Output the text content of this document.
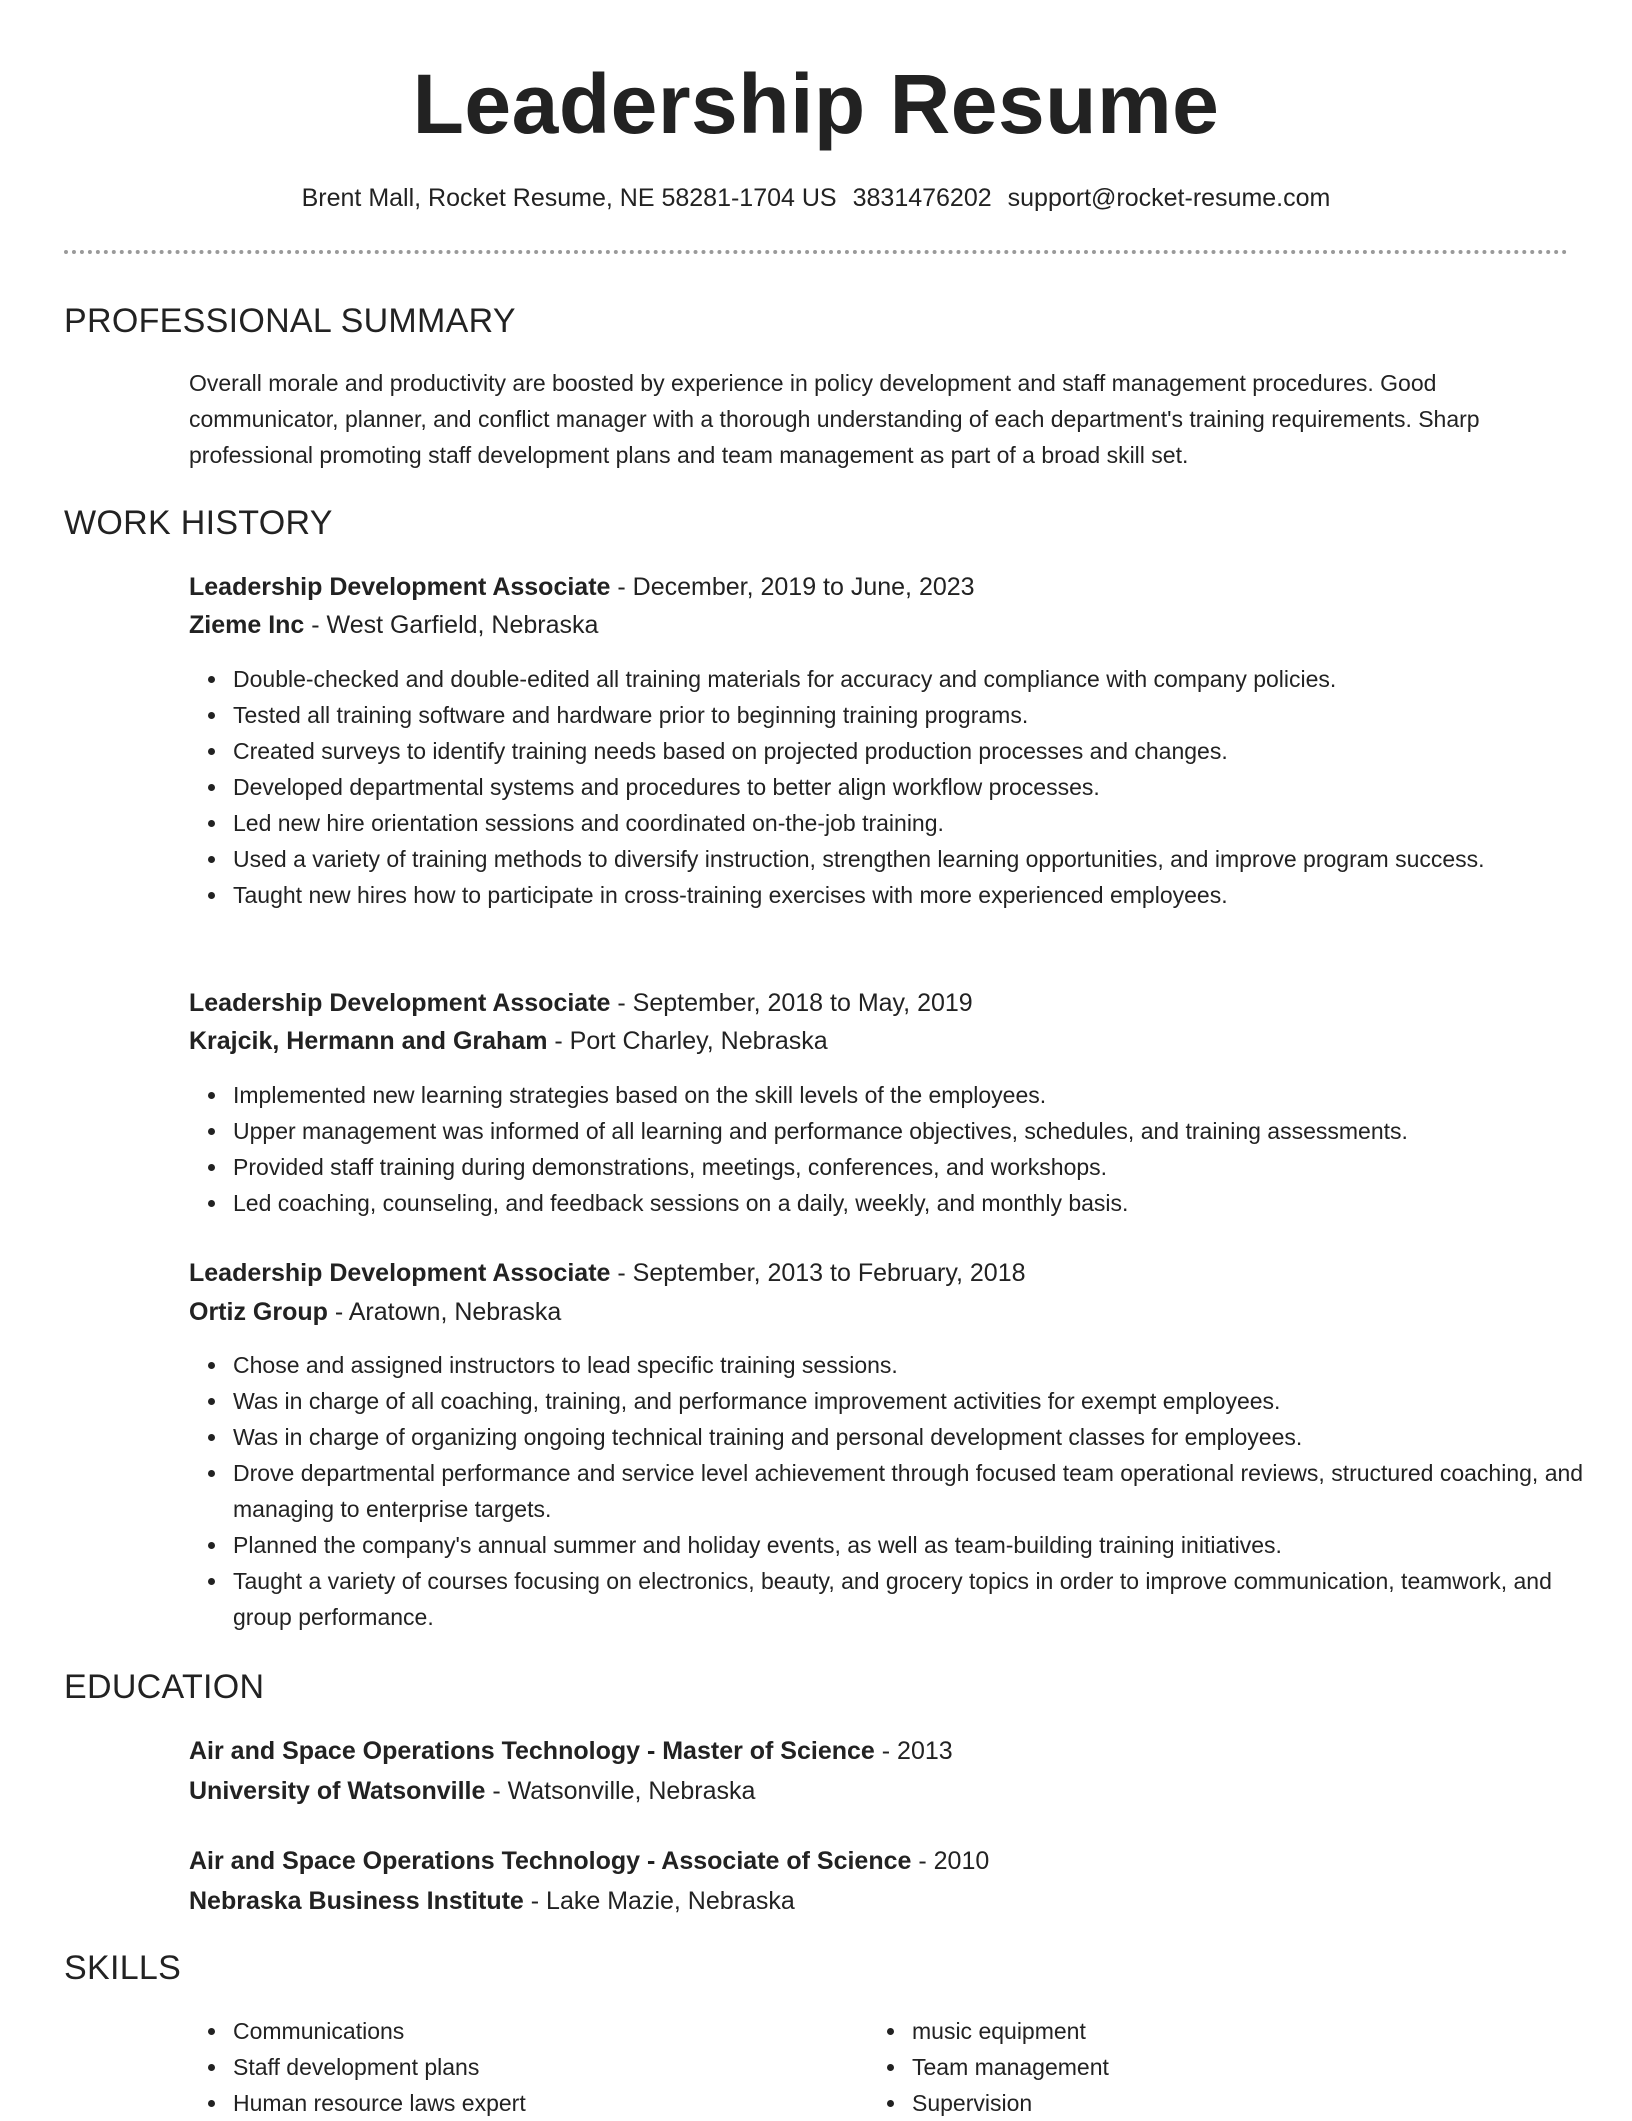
Leadership Resume
Brent Mall, Rocket Resume, NE 58281-1704 US 3831476202 support@rocket-resume.com
PROFESSIONAL SUMMARY

Overall morale and productivity are boosted by experience in policy development and staff management procedures. Good communicator, planner, and conflict manager with a thorough understanding of each department's training requirements. Sharp professional promoting staff development plans and team management as part of a broad skill set.

WORK HISTORY
Leadership Development Associate - December, 2019 to June, 2023
Zieme Inc - West Garfield, Nebraska
Double-checked and double-edited all training materials for accuracy and compliance with company policies.
Tested all training software and hardware prior to beginning training programs.
Created surveys to identify training needs based on projected production processes and changes.
Developed departmental systems and procedures to better align workflow processes.
Led new hire orientation sessions and coordinated on-the-job training.
Used a variety of training methods to diversify instruction, strengthen learning opportunities, and improve program success.
Taught new hires how to participate in cross-training exercises with more experienced employees.
Leadership Development Associate - September, 2018 to May, 2019
Krajcik, Hermann and Graham - Port Charley, Nebraska
Implemented new learning strategies based on the skill levels of the employees.
Upper management was informed of all learning and performance objectives, schedules, and training assessments.
Provided staff training during demonstrations, meetings, conferences, and workshops.
Led coaching, counseling, and feedback sessions on a daily, weekly, and monthly basis.
Leadership Development Associate - September, 2013 to February, 2018
Ortiz Group - Aratown, Nebraska
Chose and assigned instructors to lead specific training sessions.
Was in charge of all coaching, training, and performance improvement activities for exempt employees.
Was in charge of organizing ongoing technical training and personal development classes for employees.
Drove departmental performance and service level achievement through focused team operational reviews, structured coaching, and managing to enterprise targets.
Planned the company's annual summer and holiday events, as well as team-building training initiatives.
Taught a variety of courses focusing on electronics, beauty, and grocery topics in order to improve communication, teamwork, and group performance.
EDUCATION
Air and Space Operations Technology - Master of Science - 2013
University of Watsonville - Watsonville, Nebraska
Air and Space Operations Technology - Associate of Science - 2010
Nebraska Business Institute - Lake Mazie, Nebraska
SKILLS
Communications
Staff development plans
Human resource laws expert
music equipment
Team management
Supervision
